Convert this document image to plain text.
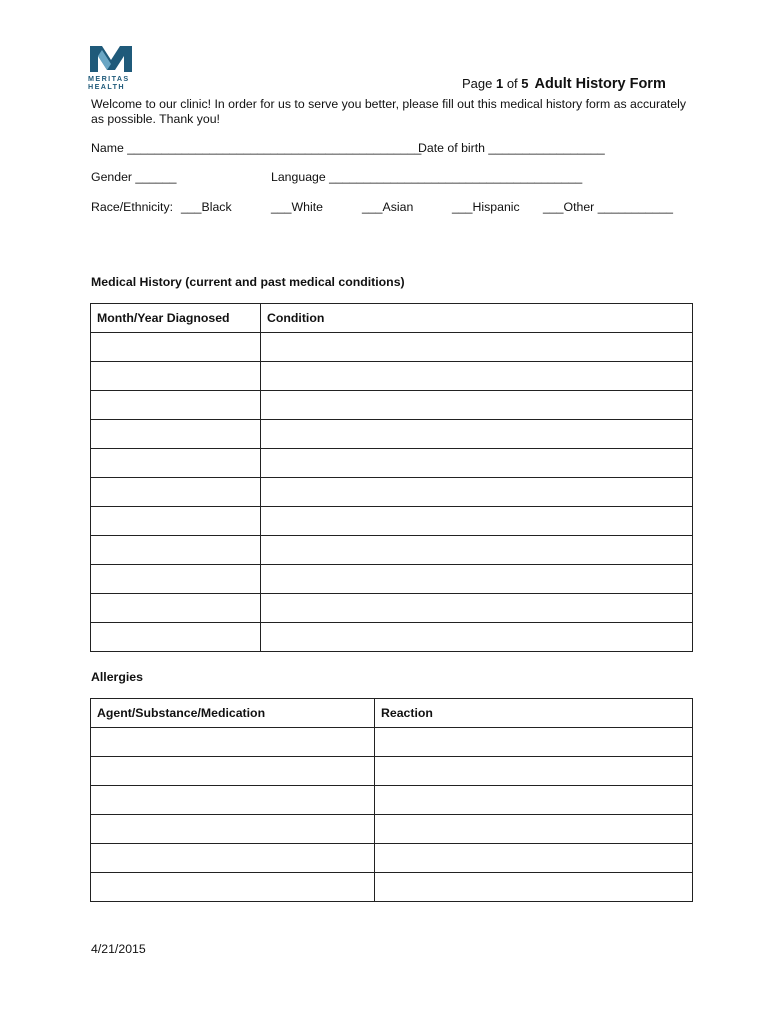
MERITAS
HEALTH	Page 1 of 5 Adult History Form
Welcome to our clinic! In order for us to serve you better, please fill out this medical history form as accurately as possible. Thank you!
Name ___________________________________________
Date of birth _________________
Gender ______	Language _____________________________________
Race/Ethnicity: ___Black	___White	___Asian	___Hispanic ___Other ___________
Medical History (current and past medical conditions)
Month/Year Diagnosed	Condition

Allergies
Agent/Substance/Medication	Reaction

4/21/2015
